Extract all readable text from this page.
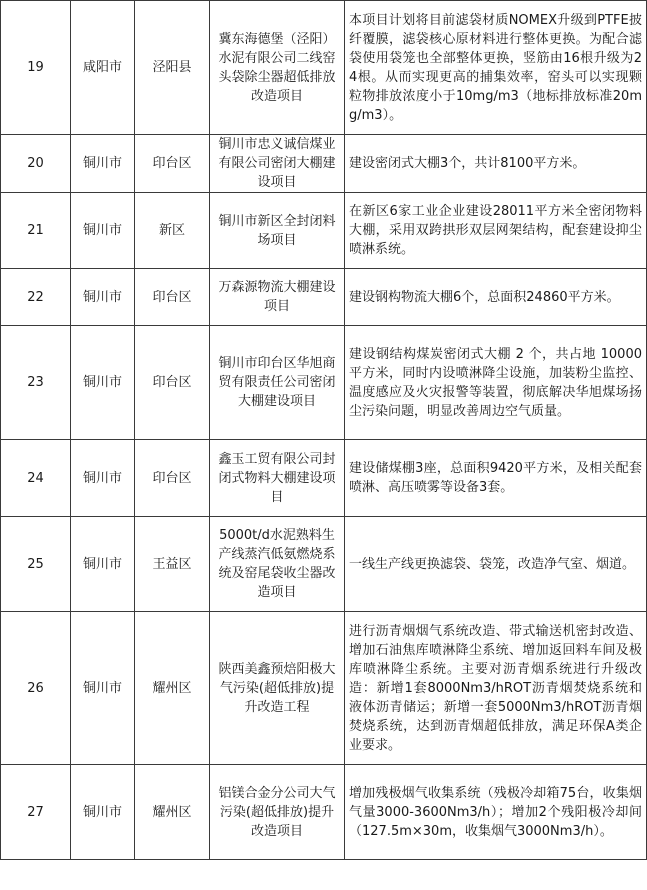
19	咸阳市	泾阳县	冀东海德堡（泾阳）水泥有限公司二线窑头袋除尘器超低排放改造项目	本项目计划将目前滤袋材质NOMEX升级到PTFE披纤覆膜，滤袋核心原材料进行整体更换。为配合滤袋使用袋笼也全部整体更换，竖筋由16根升级为24根。从而实现更高的捕集效率，窑头可以实现颗粒物排放浓度小于10mg/m3（地标排放标准20mg/m3）。
20	铜川市	印台区	铜川市忠义诚信煤业有限公司密闭大棚建设项目	建设密闭式大棚3个，共计8100平方米。
21	铜川市	新区	铜川市新区全封闭料场项目	在新区6家工业企业建设28011平方米全密闭物料大棚，采用双跨拱形双层网架结构，配套建设抑尘喷淋系统。
22	铜川市	印台区	万森源物流大棚建设项目	建设钢构物流大棚6个，总面积24860平方米。
23	铜川市	印台区	铜川市印台区华旭商贸有限责任公司密闭大棚建设项目	建设钢结构煤炭密闭式大棚 2 个，共占地 10000 平方米，同时内设喷淋降尘设施，加装粉尘监控、温度感应及火灾报警等装置，彻底解决华旭煤场扬尘污染问题，明显改善周边空气质量。
24	铜川市	印台区	鑫玉工贸有限公司封闭式物料大棚建设项目	建设储煤棚3座，总面积9420平方米，及相关配套喷淋、高压喷雾等设备3套。
25	铜川市	王益区	5000t/d水泥熟料生产线蒸汽低氨燃烧系统及窑尾袋收尘器改造项目	一线生产线更换滤袋、袋笼，改造净气室、烟道。
26	铜川市	耀州区	陕西美鑫预焙阳极大气污染(超低排放)提升改造工程	进行沥青烟烟气系统改造、带式输送机密封改造、增加石油焦库喷淋降尘系统、增加返回料车间及极库喷淋降尘系统。主要对沥青烟系统进行升级改造：新增1套8000Nm3/hROT沥青烟焚烧系统和液体沥青储运；新增一套5000Nm3/hROT沥青烟焚烧系统，达到沥青烟超低排放，满足环保A类企业要求。
27	铜川市	耀州区	铝镁合金分公司大气污染(超低排放)提升改造项目	增加残极烟气收集系统（残极冷却箱75台，收集烟气量3000-3600Nm3/h）；增加2个残阳极冷却间（127.5m×30m，收集烟气3000Nm3/h）。
